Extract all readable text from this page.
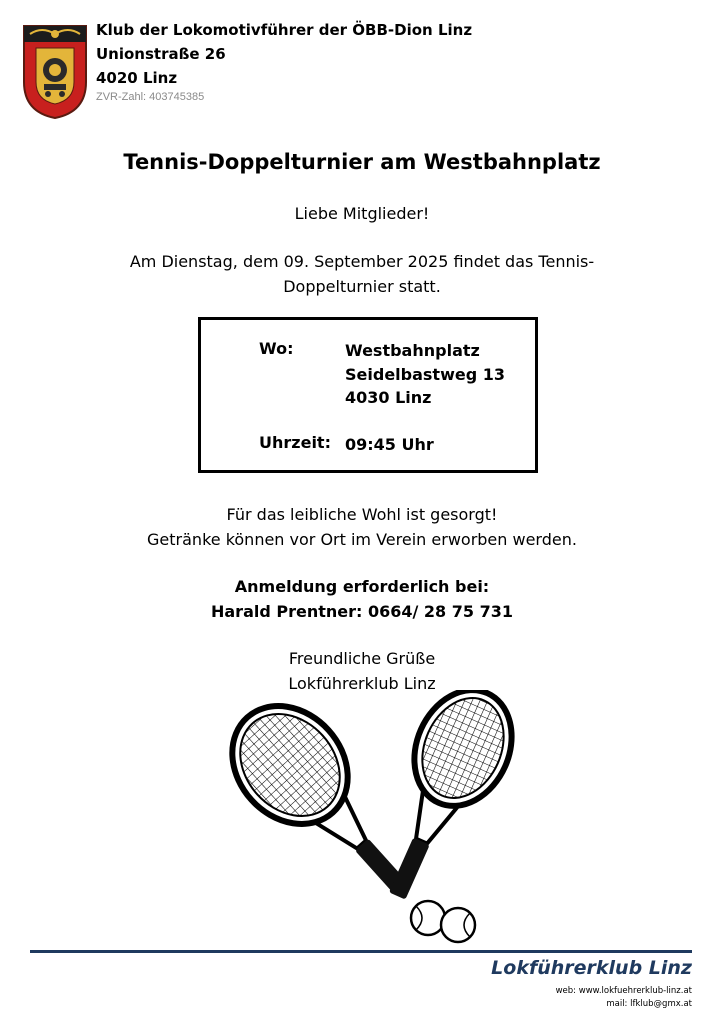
Klub der Lokomotivführer der ÖBB-Dion Linz
Unionstraße 26
4020 Linz
ZVR-Zahl: 403745385
Tennis-Doppelturnier am Westbahnplatz
Liebe Mitglieder!
Am Dienstag, dem 09. September 2025 findet das Tennis-
Doppelturnier statt.
Wo:	Westbahnplatz
Seidelbastweg 13
4030 Linz
Uhrzeit: 09:45 Uhr
Für das leibliche Wohl ist gesorgt!
Getränke können vor Ort im Verein erworben werden.
Anmeldung erforderlich bei:
Harald Prentner: 0664/ 28 75 731
Freundliche Grüße
Lokführerklub Linz
Lokführerklub Linz
web: www.lokfuehrerklub-linz.at
mail: lfklub@gmx.at
